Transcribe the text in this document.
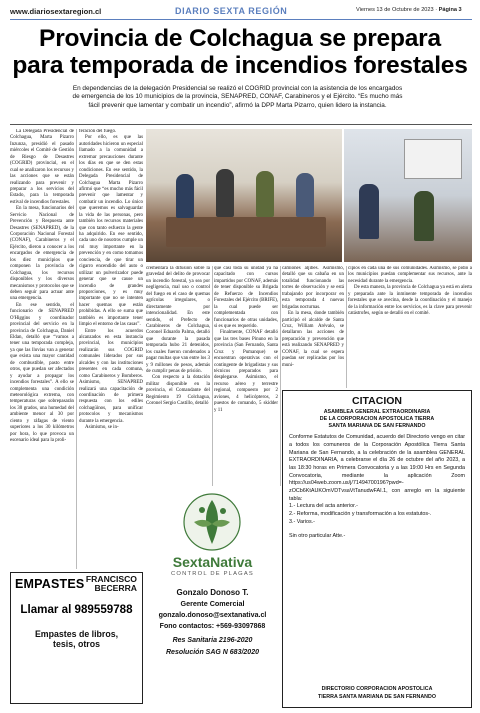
www.diariosextaregion.cl	DIARIO SEXTA REGIÓN	Viernes 13 de Octubre de 2023 · Página 3
Provincia de Colchagua se prepara
para temporada de incendios forestales
En dependencias de la delegación Presidencial se realizó el COGRID provincial con la asistencia de los encargados de emergencia de los 10 municipios de la provincia, SENAPRED, CONAF, Carabineros y el Ejército. “Es mucho más fácil prevenir que lamentar y combatir un incendio”, afirmó la DPP Marta Pizarro, quien lidero la instancia.

La Delegada Presidencial de Colchagua, Marta Pizarro Inzunza, presidió el pasado miércoles el Comité de Gestión de Riesgo de Desastres (COGRID) provincial, en el cual se analizaron los recursos y las acciones que se están realizando para prevenir y preparar a los servicios del Estado, para la temporada estival de incendios forestales.

En la mesa, funcionarios del Servicio Nacional de Prevención y Respuesta ante Desastres (SENAPRED), de la Corporación Nacional Forestal (CONAF), Carabineros y el Ejército, dieron a conocer a los encargados de emergencia de los diez municipios que componen la provincia de Colchagua, los recursos disponibles y los diversos mecanismos y protocolos que se deben seguir para actuar ante una emergencia.

En ese sentido, el funcionario de SENAPRED O'Higgins y coordinador provincial del servicio en la provincia de Colchagua, Daniel Eldan, detalló que “vamos a tener una temporada compleja, ya que las lluvias van a generar que exista una mayor cantidad de combustible, pasto entre otros, que puedan ser afectados y ayudar a propagar los incendios forestales”. A ello se complementa una condición meteorológica extrema, con temperaturas que sobrepasarán los 30 grados, una humedad del ambiente menor al 30 por ciento y ráfagas de viento superiores a los 30 kilómetros por hora, lo que provoca un escenario ideal para la proli-

feración del fuego.

Por ello, es que las autoridades hicieron un especial llamado a la comunidad a extremar precauciones durante los días en que se den estas condiciones. En ese sentido, la Delegada Presidencial de Colchagua Marta Pizarro afirmó que “es mucho más fácil prevenir que lamentar y combatir un incendio. Lo único que queremos es salvaguardar la vida de las personas, pero también los recursos materiales que con tanto esfuerzo la gente ha adquirido. En ese sentido, cada uno de nosotros cumple un rol muy importante en la prevención y en como tomamos conciencia, de que tirar un cigarro encendido del auto o utilizar un pulverizador puede generar que se cause un incendio de grandes proporciones, y es muy importante que no se intenten hacer quemas que están prohibidas. A ello se suma que también es importante tener limpio el entorno de las casas”.

Entre los acuerdos alcanzados en esta instancia provincial, los municipios realizarán sus COGRID comunales liderados por sus alcaldes y con las instituciones presentes en cada comuna, como Carabineros y Bomberos. Asimismo, SENAPRED realizará una capacitación de coordinación de primera respuesta con los ediles colchagüinos, para unificar protocolos y mecanismos durante la emergencia.

Asimismo, se in-

crementará la difusión sobre la gravedad del delito de provocar un incendio forestal, ya sea por negligencia, mal uso o control del fuego en el caso de quemas agrícolas irregulares, o directamente por intencionalidad. En este sentido, el Prefecto de Carabineros de Colchagua, Coronel Eduardo Palma, detalló que durante la pasada temporada hubo 21 detenidos, los cuales fueron condenados a pagar multas que van entre los 3 y 9 millones de pesos, además de cumplir penas de prisión.

Con respecto a la dotación militar disponible en la provincia, el Comandante del Regimiento 19 Colchagua, Coronel Sergio Castillo, detalló

que casi toda su unidad ya ha capacitado con cursos impartidos por CONAF, además de tener disponible su Brigada de Refuerzo de Incendios Forestales del Ejército (BRIFE), la cual puede ser complementada con funcionarios de otras unidades, si es que es requerido.

Finalmente, CONAF detalló que las tres bases Pinuno en la provincia (San Fernando, Santa Cruz y Pumanque) se encuentran operativas con el contingente de brigadistas y sus técnicos preparados para desplegarse. Asimismo, el recurso aéreo y terrestre regional, compuesto por 2 aviones, 4 helicópteros, 2 puestos de comando, 5 skidder y 11

camiones aljibes. Asimismo, detalló que su cabaña en un totalidad funcionando las torres de observación y se está trabajando por incorporar en esta temporada 4 nuevas brigadas nocturnas.

En la mesa, donde también participó el alcalde de Santa Cruz, William Arévalo, se detallaron las acciones de preparación y prevención que está realizando SENAPRED y CONAF, la cual se espera puedan ser replicadas por los muni-

cipios en cada una de sus comunidades. Asimismo, se pidió a los municipios puedan complementar sus recursos, ante la necesidad durante la emergencia.

De esta manera, la provincia de Colchagua ya está en alerta y preparada ante la inminente temporada de incendios forestales que se avecina, desde la coordinación y el manejo de la información entre los servicios, es la clave para prevenir catástrofes, según se detalló en el comité.

CITACION
ASAMBLEA GENERAL EXTRAORDINARIA
DE LA CORPORACION APOSTOLICA TIERRA
SANTA MARIANA DE SAN FERNANDO

Conforme Estatutos de Comunidad, acuerdo del Directorio vengo en citar a todos los comuneros de la Corporación Apostólica Tierra Santa Mariana de San Fernando, a la celebración de la asamblea GENERAL EXTRAORDINARIA, a celebrarse el día 26 de octubre del año 2023, a las 18:30 horas en Primera Convocatoria y a las 19:00 Hrs en Segunda Convocatoria, mediante la aplicación Zoom https://us04web.zoom.us/j/71494700196?pwd=-zOCb6KtAUKOmVDTvsaVtTanudwFAI.1, con arreglo en la siguiente tabla:

1.- Lectura del acta anterior.-

2.- Reforma, modificación y transformación a los estatutos-.

3.- Varios.-

Sin otro particular Atte.-

DIRECTORIO CORPORACION APOSTOLICA
TIERRA SANTA MARIANA DE SAN FERNANDO
EMPASTES FRANCISCO
BECERRA
Llamar al 989559788
Empastes de libros,
tesis, otros
SextaNativa
CONTROL DE PLAGAS
Gonzalo Donoso T.
Gerente Comercial
gonzalo.donoso@sextanativa.cl
Fono contactos: +569-93097868
Res Sanitaria 2196-2020
Resolución SAG N 683/2020
